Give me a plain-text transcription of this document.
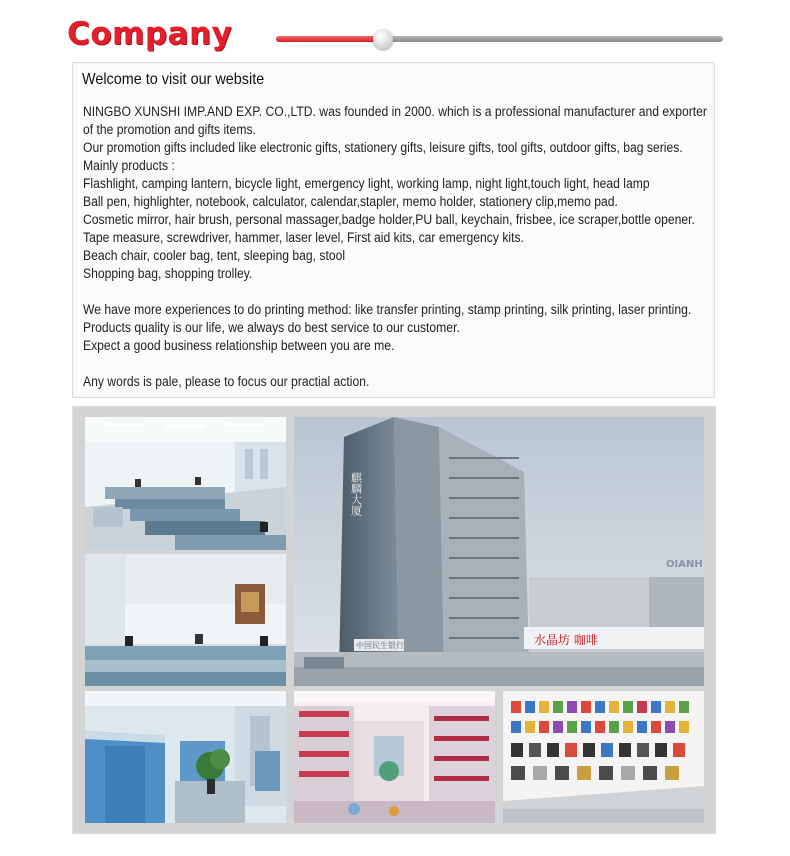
Company
Welcome to visit our website
NINGBO XUNSHI IMP.AND EXP. CO.,LTD. was founded in 2000. which is a professional manufacturer and exporter
of the promotion and gifts items.
Our promotion gifts included like electronic gifts, stationery gifts, leisure gifts, tool gifts, outdoor gifts, bag series.
Mainly products :
Flashlight, camping lantern, bicycle light, emergency light, working lamp, night light,touch light, head lamp
Ball pen, highlighter, notebook, calculator, calendar,stapler, memo holder, stationery clip,memo pad.
Cosmetic mirror, hair brush, personal massager,badge holder,PU ball, keychain, frisbee, ice scraper,bottle opener.
Tape measure, screwdriver, hammer, laser level, First aid kits, car emergency kits.
Beach chair, cooler bag, tent, sleeping bag, stool
Shopping bag, shopping trolley.
We have more experiences to do printing method: like transfer printing, stamp printing, silk printing, laser printing.
Products quality is our life, we always do best service to our customer.
Expect a good business relationship between you are me.
Any words is pale, please to focus our practial action.
麒麟大厦
水晶坊 咖啡
OIANH
中国民生银行
